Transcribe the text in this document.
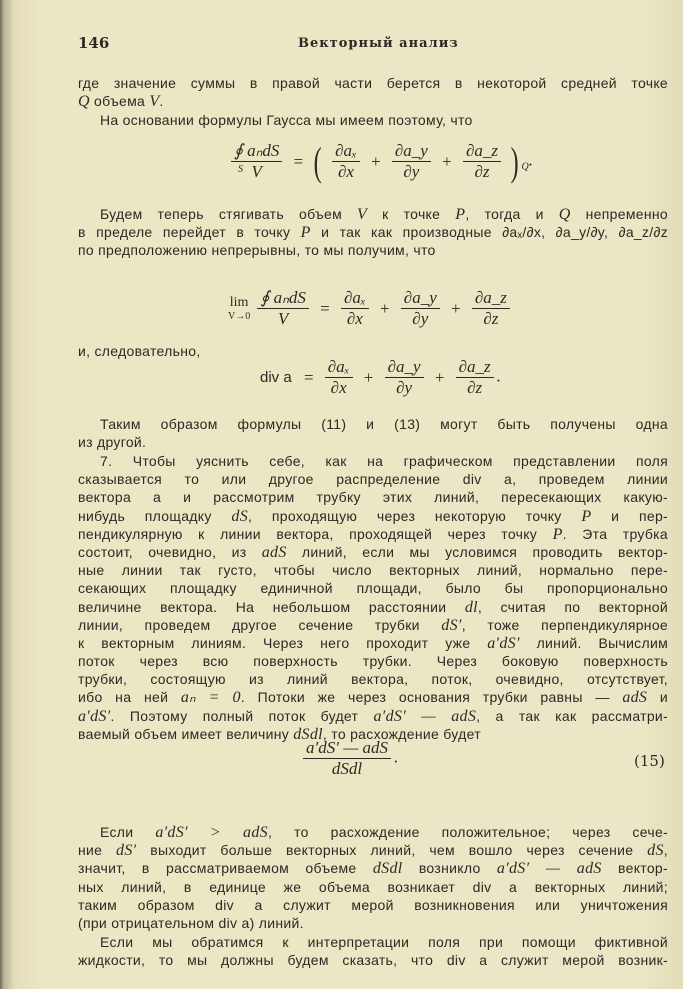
146	Векторный анализ
где значение суммы в правой части берется в некоторой средней точке
Q объема V.
На основании формулы Гаусса мы имеем поэтому, что
$\frac{\text{∮ aₙdS}}{V}$ = ( $\frac{\text{∂aₓ}}{\partial x} + \frac{\partial a\_y}{\partial y} + \frac{\partial a\_z}{\partial z}$ ) $_Q$.
S
Будем теперь стягивать объем V к точке P, тогда и Q непременно
в пределе перейдет в точку P и так как производные ∂aₓ/∂x, ∂a_y/∂y, ∂a_z/∂z
по предположению непрерывны, то мы получим, что
lim
V→0
$\frac{\text{∮ aₙdS}}{V} = \frac{\text{∂aₓ}}{\partial x} + \frac{\partial a\_y}{\partial y} + \frac{\partial a\_z}{\partial z}$
и, следовательно,
div $a = \frac{\text{∂aₓ}}{\partial x} + \frac{\partial a\_y}{\partial y} + \frac{\partial a\_z}{\partial z}$ .
Таким образом формулы (11) и (13) могут быть получены одна
из другой.
7. Чтобы уяснить себе, как на графическом представлении поля
сказывается то или другое распределение div a, проведем линии
вектора a и рассмотрим трубку этих линий, пересекающих какую-
нибудь площадку dS, проходящую через некоторую точку P и пер-
пендикулярную к линии вектора, проходящей через точку P. Эта трубка
состоит, очевидно, из adS линий, если мы условимся проводить вектор-
ные линии так густо, чтобы число векторных линий, нормально пере-
секающих площадку единичной площади, было бы пропорционально
величине вектора. На небольшом расстоянии dl, считая по векторной
линии, проведем другое сечение трубки dS′, тоже перпендикулярное
к векторным линиям. Через него проходит уже a′dS′ линий. Вычислим
поток через всю поверхность трубки. Через боковую поверхность
трубки, состоящую из линий вектора, поток, очевидно, отсутствует,
ибо на ней aₙ = 0. Потоки же через основания трубки равны — adS и
a′dS′. Поэтому полный поток будет a′dS′ — adS, а так как рассматри-
ваемый объем имеет величину dSdl, то расхождение будет
$\frac{\text{a′dS′ — adS}}{\text{dSdl}}$ .	(15)
Если a′dS′ > adS, то расхождение положительное; через сече-
ние dS′ выходит больше векторных линий, чем вошло через сечение dS,
значит, в рассматриваемом объеме dSdl возникло a′dS′ — adS вектор-
ных линий, в единице же объема возникает div a векторных линий;
таким образом div a служит мерой возникновения или уничтожения
(при отрицательном div a) линий.
Если мы обратимся к интерпретации поля при помощи фиктивной
жидкости, то мы должны будем сказать, что div a служит мерой возник-
